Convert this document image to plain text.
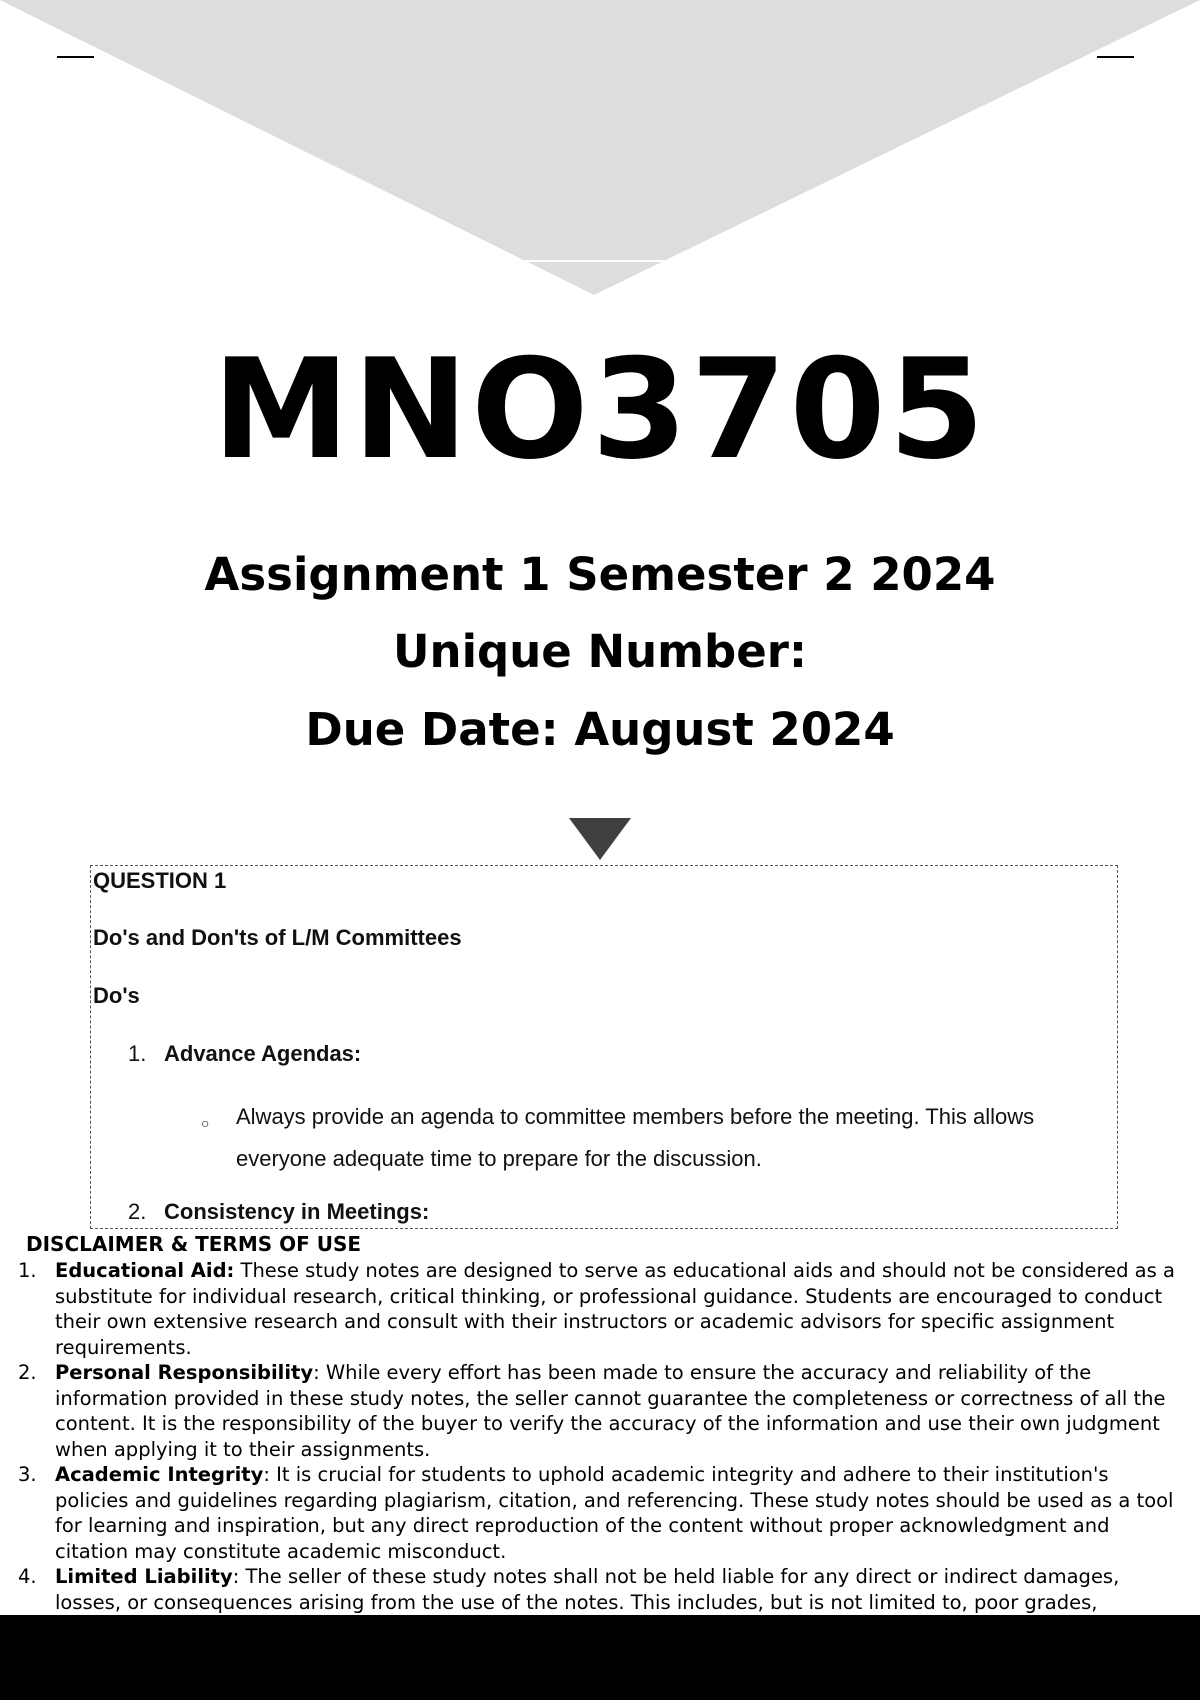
MNO3705
Assignment 1 Semester 2 2024
Unique Number:
Due Date: August 2024
QUESTION 1
Do's and Don'ts of L/M Committees
Do's
1. Advance Agendas:
○ Always provide an agenda to committee members before the meeting. This allows everyone adequate time to prepare for the discussion.
2. Consistency in Meetings:
DISCLAIMER & TERMS OF USE
1. Educational Aid: These study notes are designed to serve as educational aids and should not be considered as a substitute for individual research, critical thinking, or professional guidance. Students are encouraged to conduct their own extensive research and consult with their instructors or academic advisors for specific assignment requirements.
2. Personal Responsibility: While every effort has been made to ensure the accuracy and reliability of the information provided in these study notes, the seller cannot guarantee the completeness or correctness of all the content. It is the responsibility of the buyer to verify the accuracy of the information and use their own judgment when applying it to their assignments.
3. Academic Integrity: It is crucial for students to uphold academic integrity and adhere to their institution's policies and guidelines regarding plagiarism, citation, and referencing. These study notes should be used as a tool for learning and inspiration, but any direct reproduction of the content without proper acknowledgment and citation may constitute academic misconduct.
4. Limited Liability: The seller of these study notes shall not be held liable for any direct or indirect damages, losses, or consequences arising from the use of the notes. This includes, but is not limited to, poor grades,
